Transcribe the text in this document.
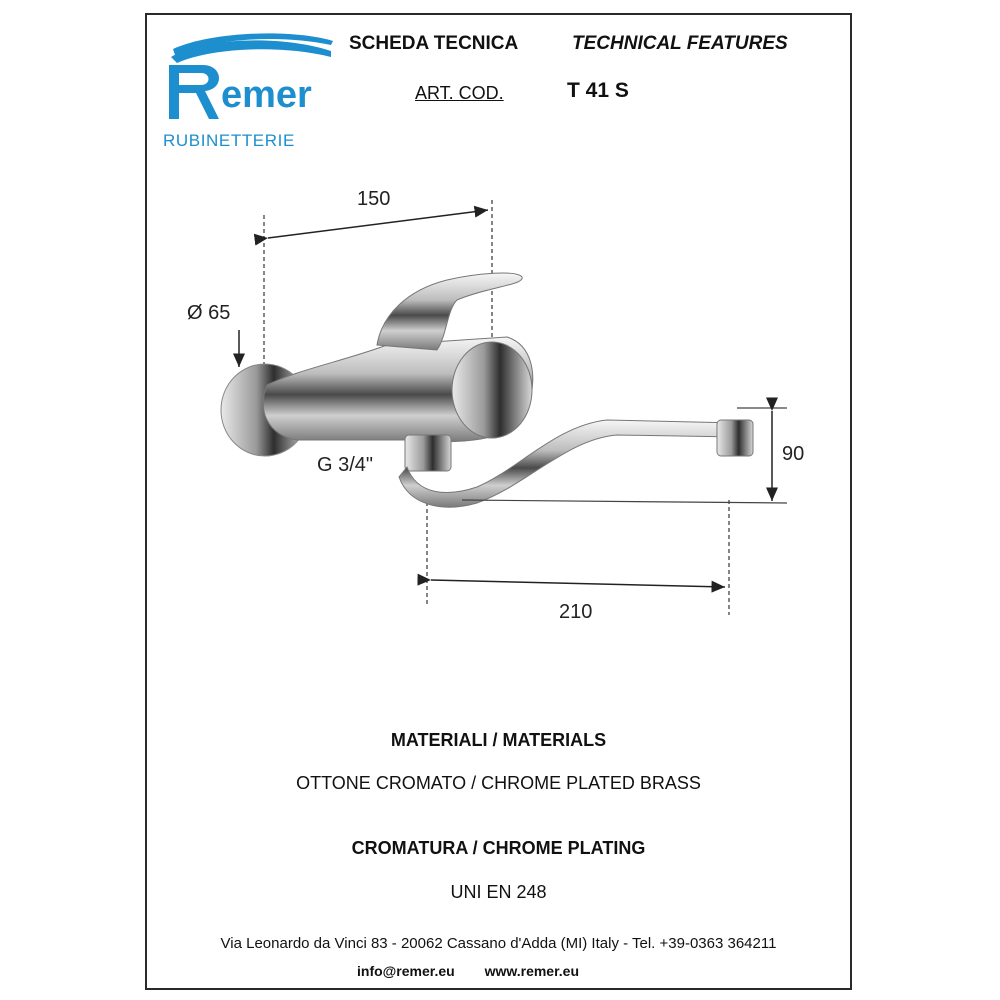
emer
RUBINETTERIE
SCHEDA TECNICA	TECHNICAL FEATURES
ART. COD.	T 41 S
150
Ø 65
G 3/4"	90
210
MATERIALI / MATERIALS
OTTONE CROMATO / CHROME PLATED BRASS
CROMATURA / CHROME PLATING
UNI EN 248
Via Leonardo da Vinci 83 - 20062 Cassano d'Adda (MI) Italy - Tel. +39-0363 364211
info@remer.eu www.remer.eu
